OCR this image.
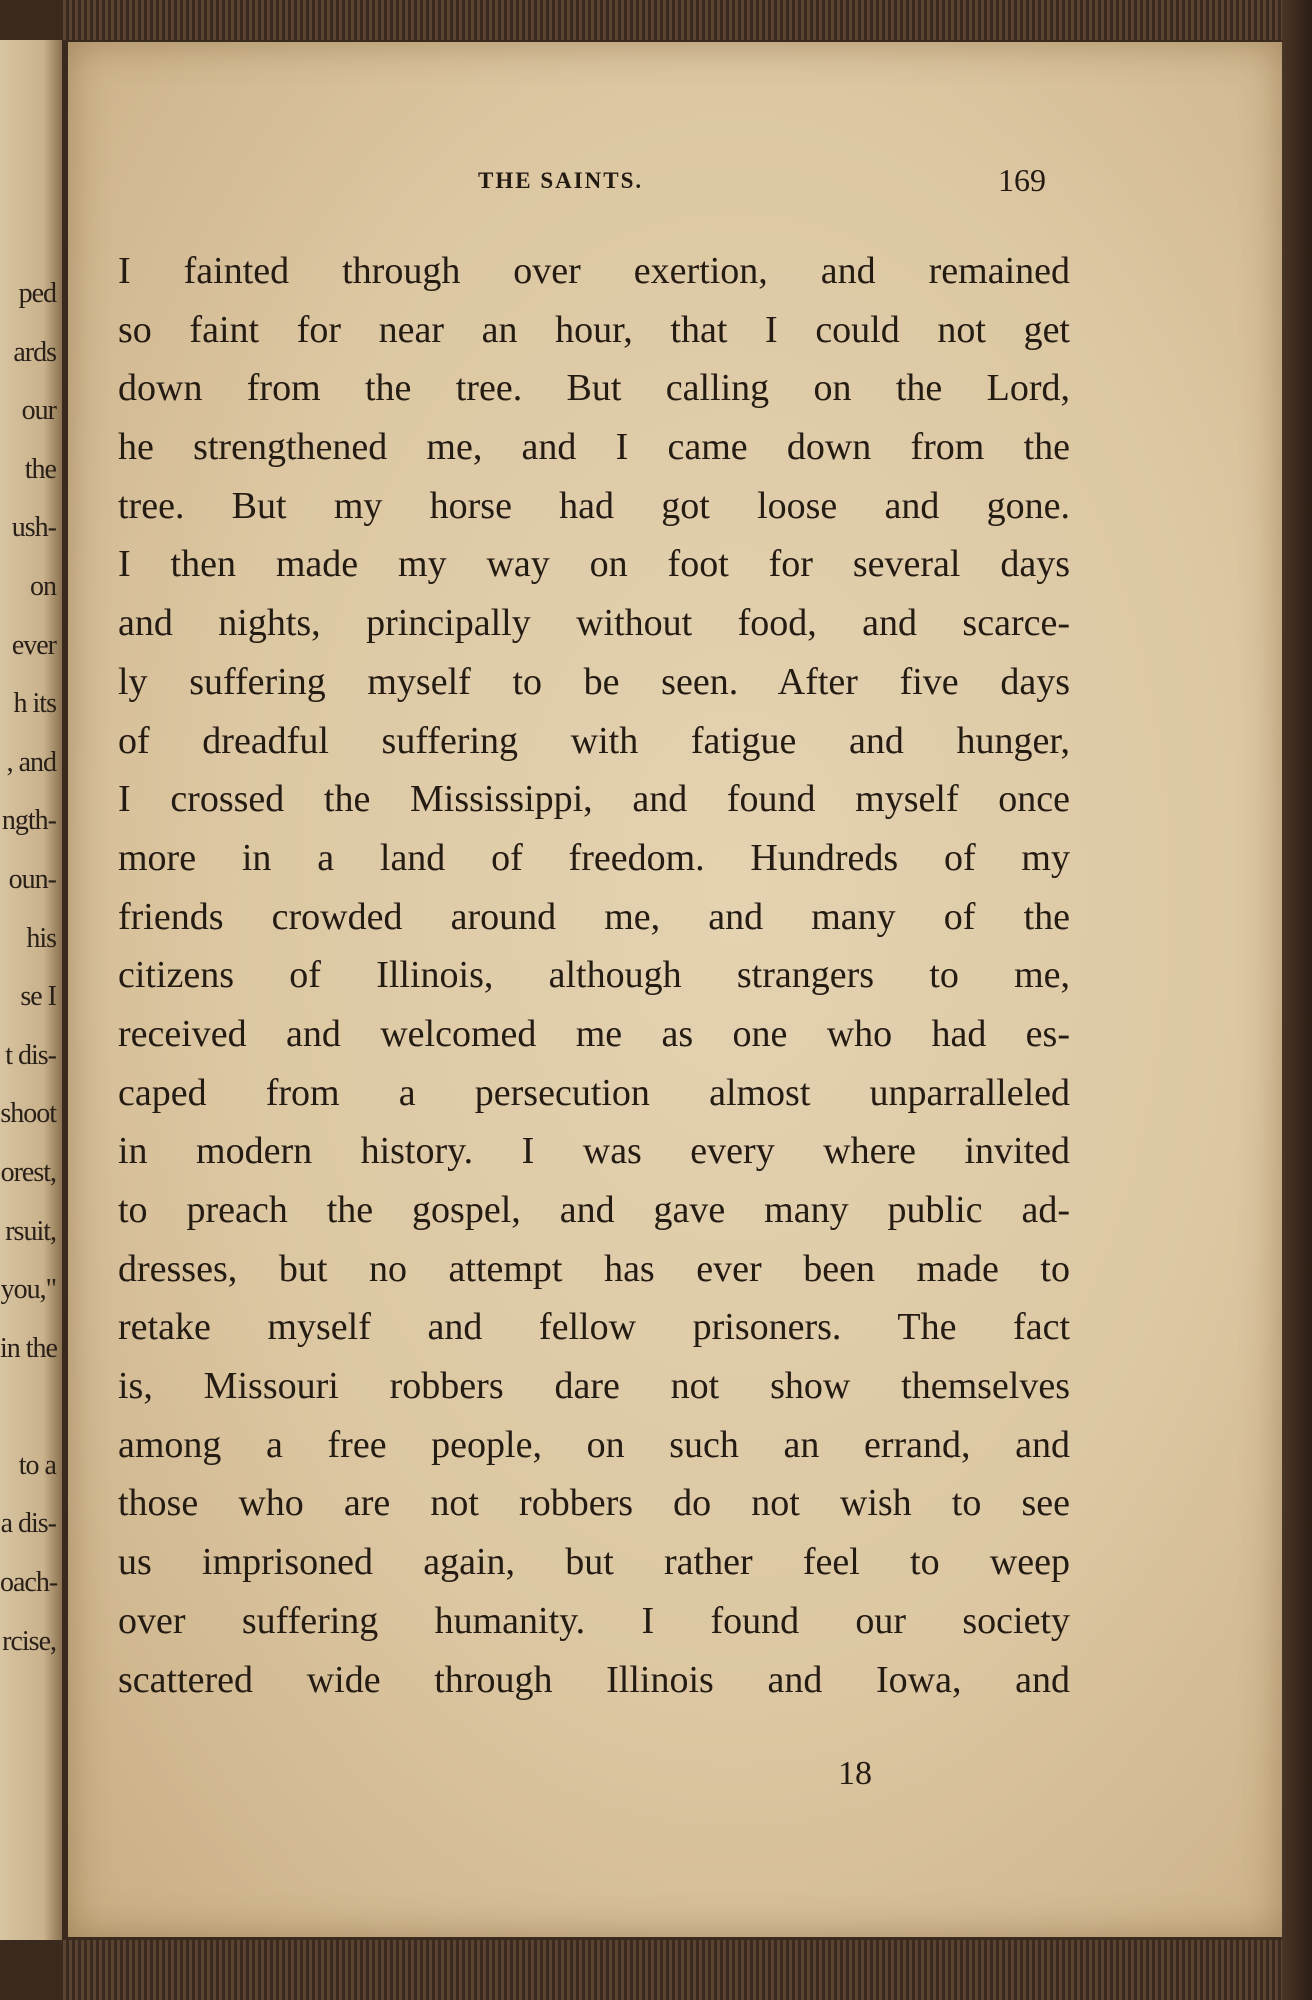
ped
ards
our
the
ush-
on
ever
h its
, and
ngth-
oun-
his
se I
t dis-
shoot
orest,
rsuit,
you,"
in the

to a
a dis-
oach-
rcise,
THE SAINTS.	169
I fainted through over exertion, and remained
so faint for near an hour, that I could not get
down from the tree. But calling on the Lord,
he strengthened me, and I came down from the
tree. But my horse had got loose and gone.
I then made my way on foot for several days
and nights, principally without food, and scarce-
ly suffering myself to be seen. After five days
of dreadful suffering with fatigue and hunger,
I crossed the Mississippi, and found myself once
more in a land of freedom. Hundreds of my
friends crowded around me, and many of the
citizens of Illinois, although strangers to me,
received and welcomed me as one who had es-
caped from a persecution almost unparralleled
in modern history. I was every where invited
to preach the gospel, and gave many public ad-
dresses, but no attempt has ever been made to
retake myself and fellow prisoners. The fact
is, Missouri robbers dare not show themselves
among a free people, on such an errand, and
those who are not robbers do not wish to see
us imprisoned again, but rather feel to weep
over suffering humanity. I found our society
scattered wide through Illinois and Iowa, and
18
